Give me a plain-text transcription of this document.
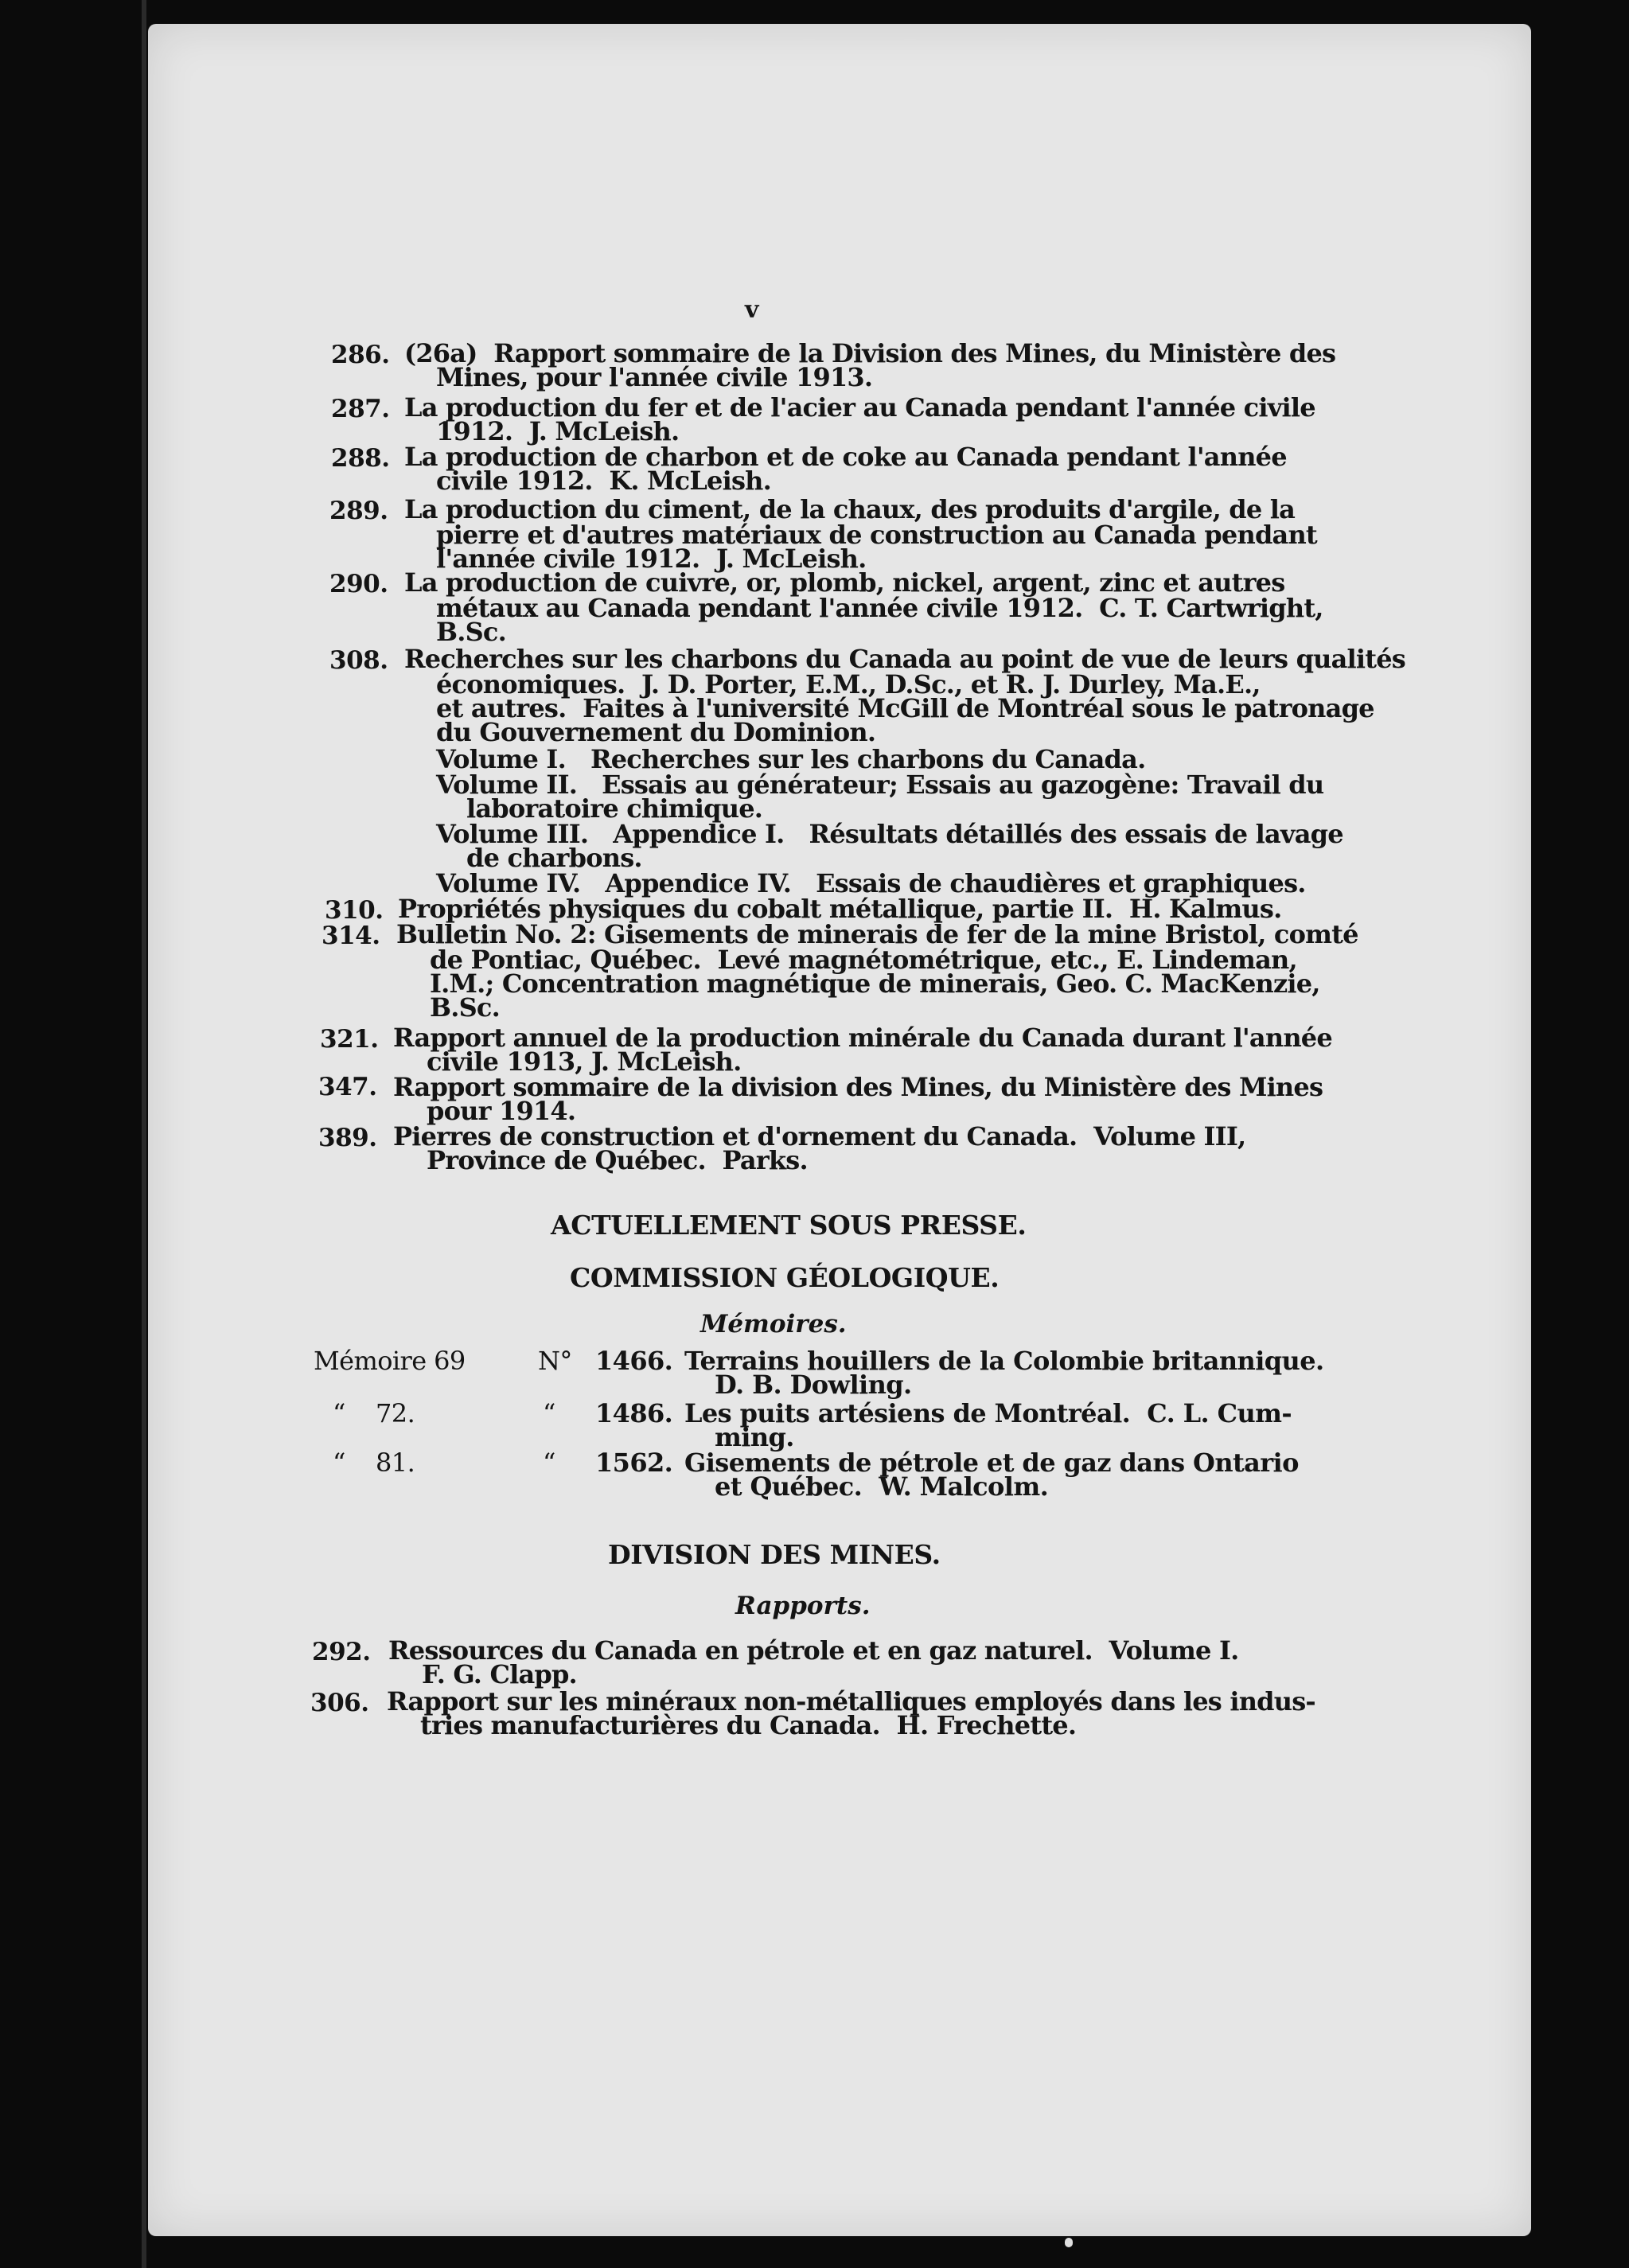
v
286. (26a)  Rapport sommaire de la Division des Mines, du Ministère des
Mines, pour l'année civile 1913.
287. La production du fer et de l'acier au Canada pendant l'année civile
1912.  J. McLeish.
288. La production de charbon et de coke au Canada pendant l'année
civile 1912.  K. McLeish.
289. La production du ciment, de la chaux, des produits d'argile, de la
pierre et d'autres matériaux de construction au Canada pendant
l'année civile 1912.  J. McLeish.
290. La production de cuivre, or, plomb, nickel, argent, zinc et autres
métaux au Canada pendant l'année civile 1912.  C. T. Cartwright,
B.Sc.
308. Recherches sur les charbons du Canada au point de vue de leurs qualités
économiques.  J. D. Porter, E.M., D.Sc., et R. J. Durley, Ma.E.,
et autres.  Faites à l'université McGill de Montréal sous le patronage
du Gouvernement du Dominion.
Volume I.   Recherches sur les charbons du Canada.
Volume II.   Essais au générateur; Essais au gazogène: Travail du
laboratoire chimique.
Volume III.   Appendice I.   Résultats détaillés des essais de lavage
de charbons.
Volume IV.   Appendice IV.   Essais de chaudières et graphiques.
310. Propriétés physiques du cobalt métallique, partie II.  H. Kalmus.
314. Bulletin No. 2: Gisements de minerais de fer de la mine Bristol, comté
de Pontiac, Québec.  Levé magnétométrique, etc., E. Lindeman,
I.M.; Concentration magnétique de minerais, Geo. C. MacKenzie,
B.Sc.
321. Rapport annuel de la production minérale du Canada durant l'année
civile 1913, J. McLeish.
347. Rapport sommaire de la division des Mines, du Ministère des Mines
pour 1914.
389. Pierres de construction et d'ornement du Canada.  Volume III,
Province de Québec.  Parks.
ACTUELLEMENT SOUS PRESSE.
COMMISSION GÉOLOGIQUE.
Mémoires.
Mémoire 69	N° 1466. Terrains houillers de la Colombie britannique.
D. B. Dowling.
“    72.	“ 1486. Les puits artésiens de Montréal.  C. L. Cum-
ming.
“    81.	“ 1562. Gisements de pétrole et de gaz dans Ontario
et Québec.  W. Malcolm.
DIVISION DES MINES.
Rapports.
292. Ressources du Canada en pétrole et en gaz naturel.  Volume I.
F. G. Clapp.
306. Rapport sur les minéraux non-métalliques employés dans les indus-
tries manufacturières du Canada.  H. Frechette.
